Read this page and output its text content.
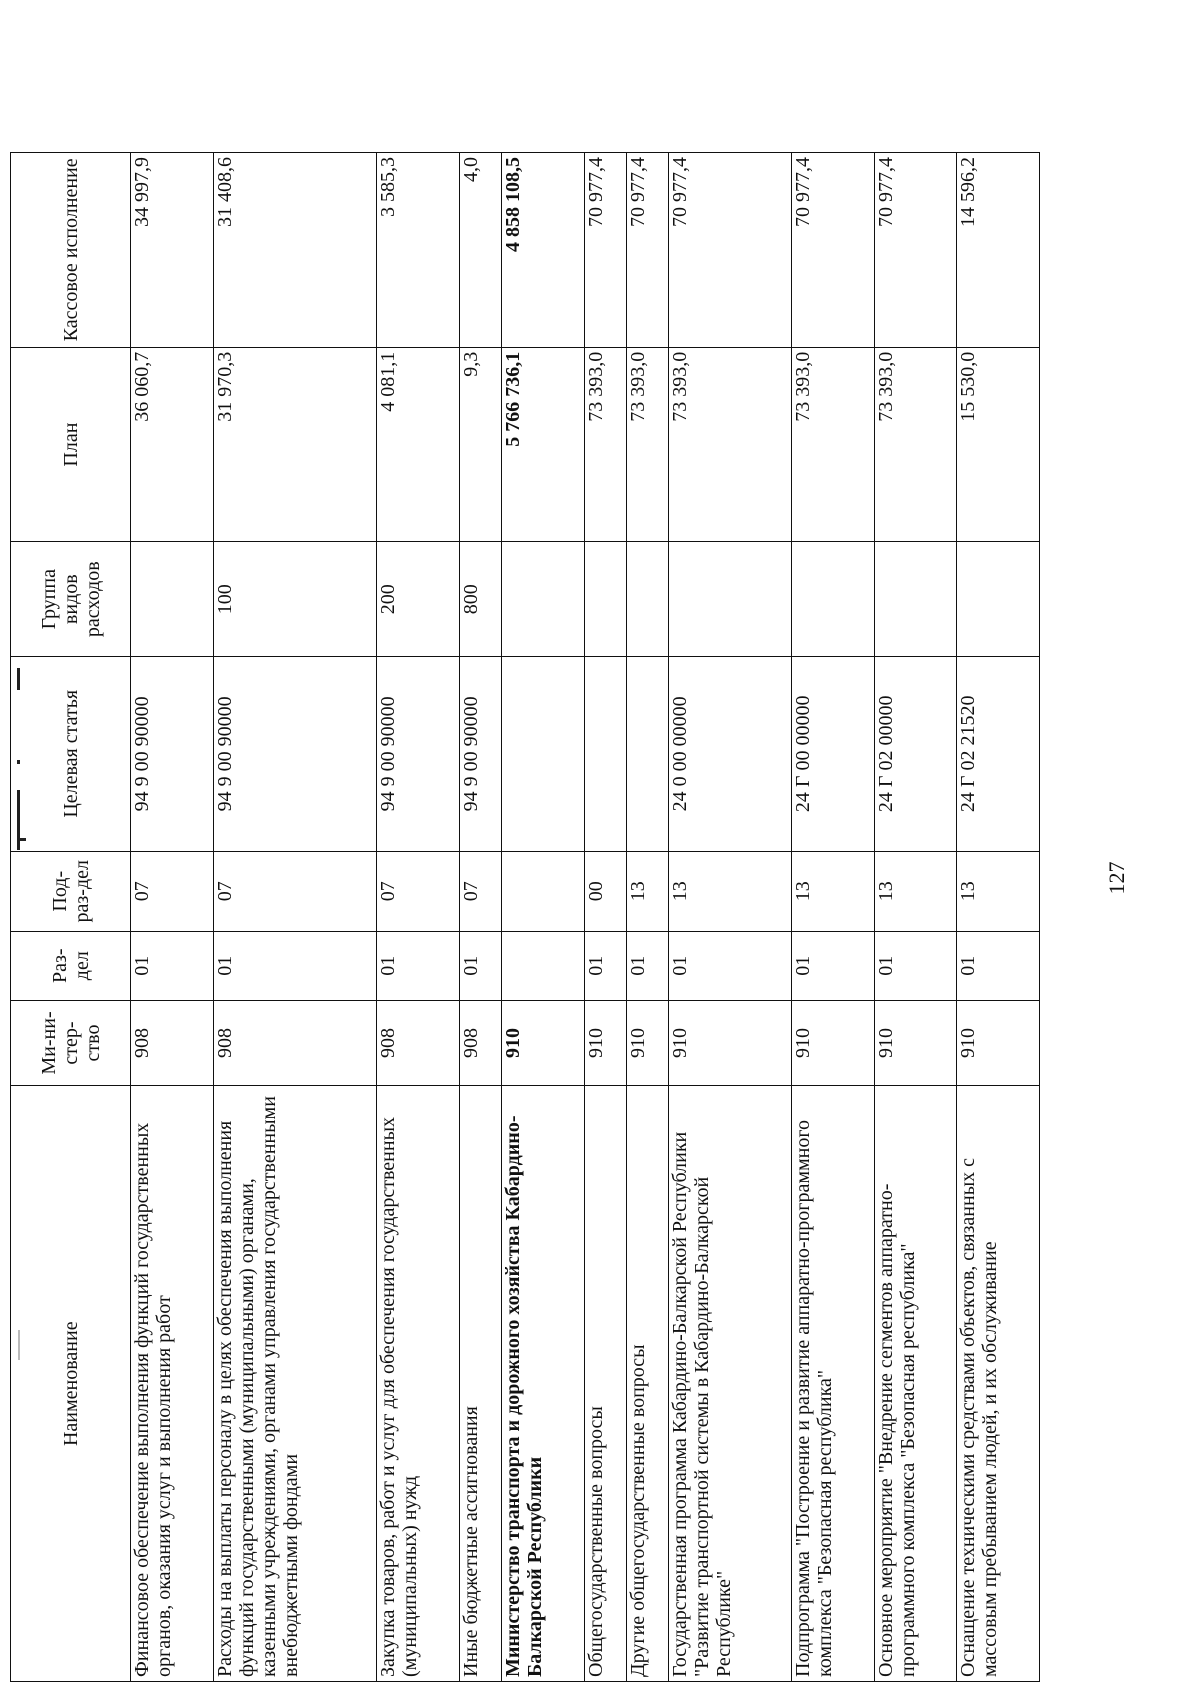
127
Наименование	Ми-ни-стер-ство	Раз-дел	Под-раз-дел	Целевая статья	Группа видов расходов	План	Кассовое исполнение
Финансовое обеспечение выполнения функций государственных органов, оказания услуг и выполнения работ	908	01	07	94 9 00 90000		36 060,7	34 997,9
Расходы на выплаты персоналу в целях обеспечения выполнения функций государственными (муниципальными) органами, казенными учреждениями, органами управления государственными внебюджетными фондами	908	01	07	94 9 00 90000	100	31 970,3	31 408,6
Закупка товаров, работ и услуг для обеспечения государственных (муниципальных) нужд	908	01	07	94 9 00 90000	200	4 081,1	3 585,3
Иные бюджетные ассигнования	908	01	07	94 9 00 90000	800	9,3	4,0
Министерство транспорта и дорожного хозяйства Кабардино-Балкарской Республики	910					5 766 736,1	4 858 108,5
Общегосударственные вопросы	910	01	00			73 393,0	70 977,4
Другие общегосударственные вопросы	910	01	13			73 393,0	70 977,4
Государственная программа Кабардино-Балкарской Республики "Развитие транспортной системы в Кабардино-Балкарской Республике"	910	01	13	24 0 00 00000		73 393,0	70 977,4
Подпрограмма "Построение и развитие аппаратно-программного комплекса "Безопасная республика"	910	01	13	24 Г 00 00000		73 393,0	70 977,4
Основное мероприятие "Внедрение сегментов аппаратно-программного комплекса "Безопасная республика"	910	01	13	24 Г 02 00000		73 393,0	70 977,4
Оснащение техническими средствами объектов, связанных с массовым пребыванием людей, и их обслуживание	910	01	13	24 Г 02 21520		15 530,0	14 596,2
